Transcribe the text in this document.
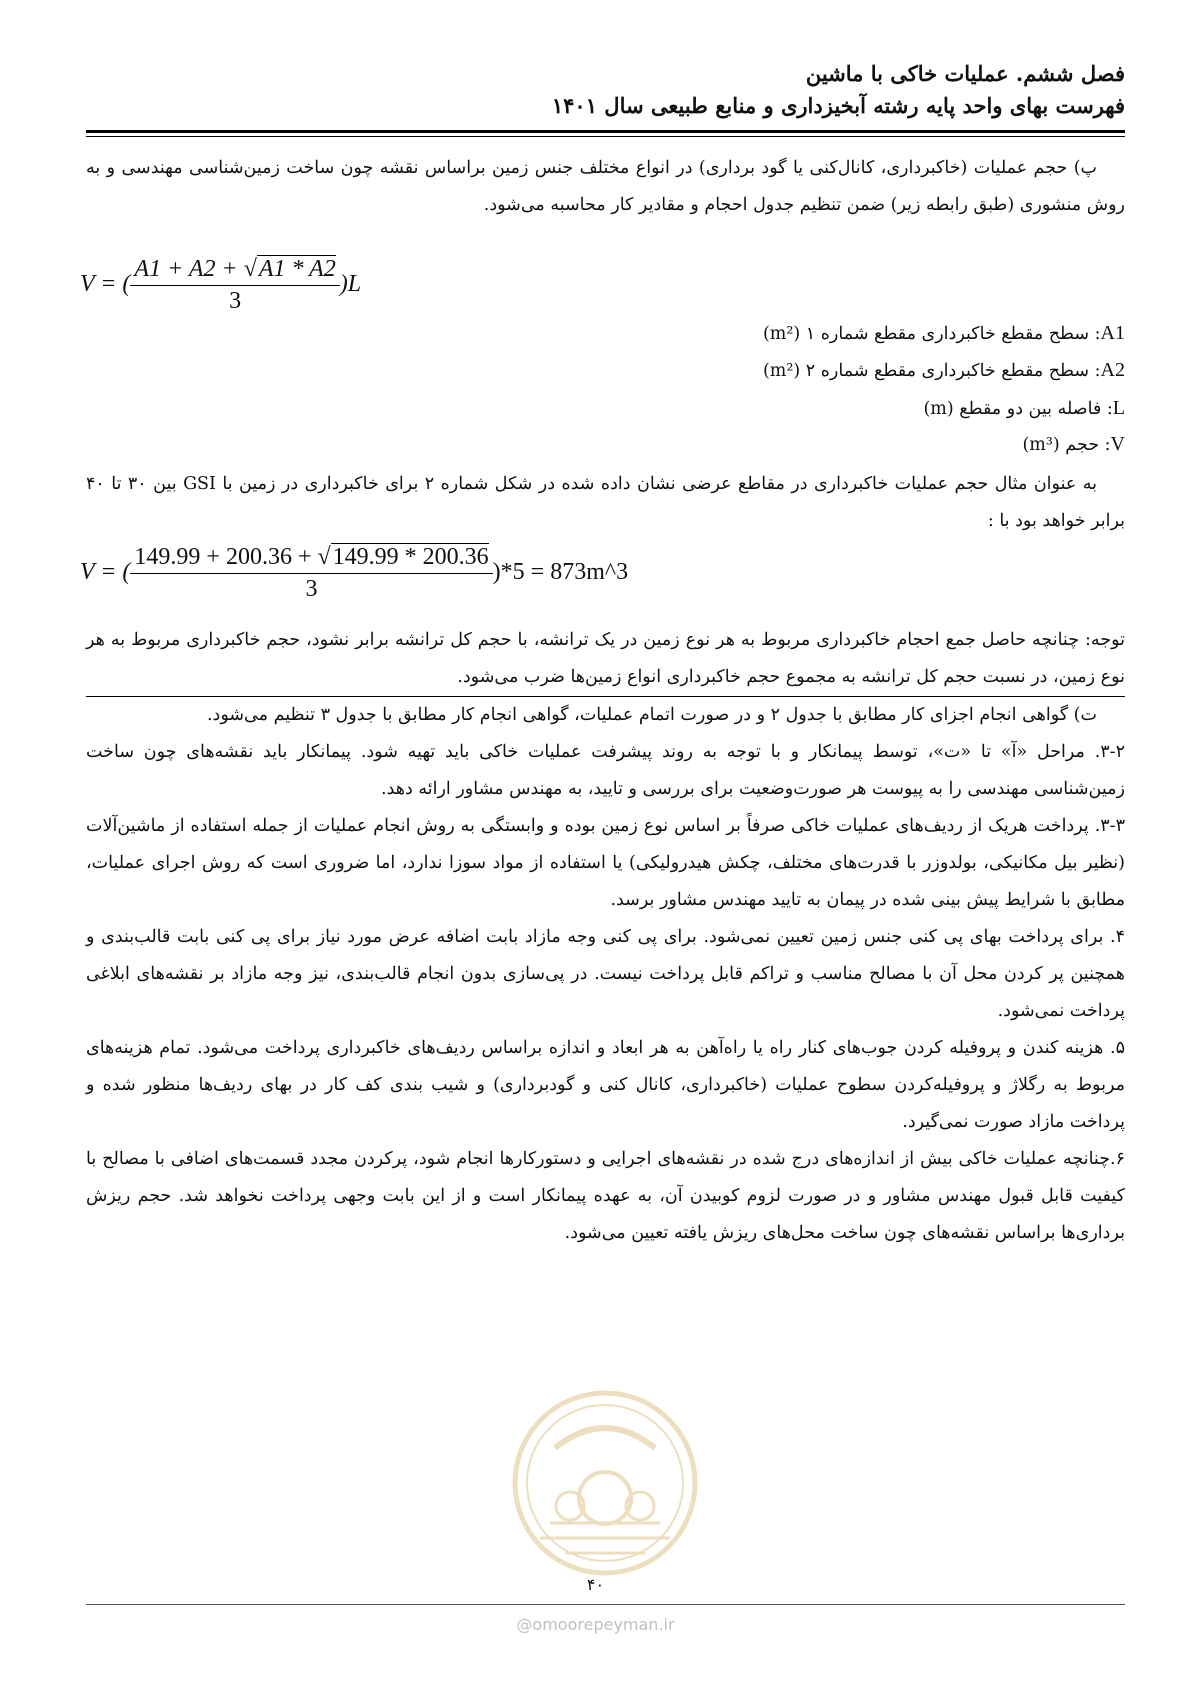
فصل ششم. عملیات خاکی با ماشین
فهرست بهای واحد پایه رشته آبخیزداری و منابع طبیعی سال ۱۴۰۱

پ) حجم عملیات (خاکبرداری، کانال‌کنی یا گود برداری) در انواع مختلف جنس زمین براساس نقشه چون ساخت زمین‌شناسی مهندسی و به روش منشوری (طبق رابطه زیر) ضمن تنظیم جدول احجام و مقادیر کار محاسبه می‌شود.

V = ( $\frac{A1 + A2 + √A1 * A2}{3} )L$
A1: سطح مقطع خاکبرداری مقطع شماره ۱ (m²)
A2: سطح مقطع خاکبرداری مقطع شماره ۲ (m²)
L: فاصله بین دو مقطع (m)
V: حجم (m³)

به عنوان مثال حجم عملیات خاکبرداری در مقاطع عرضی نشان داده شده در شکل شماره ۲ برای خاکبرداری در زمین با GSI بین ۳۰ تا ۴۰ برابر خواهد بود با :

V = ( $\frac{149.99 + 200.36 + √149.99 * 200.36}{3} )*5$ = 873m^3

توجه: چنانچه حاصل جمع احجام خاکبرداری مربوط به هر نوع زمین در یک ترانشه، با حجم کل ترانشه برابر نشود، حجم خاکبرداری مربوط به هر نوع زمین، در نسبت حجم کل ترانشه به مجموع حجم خاکبرداری انواع زمین‌ها ضرب می‌شود.

ت) گواهی انجام اجزای کار مطابق با جدول ۲ و در صورت اتمام عملیات، گواهی انجام کار مطابق با جدول ۳ تنظیم می‌شود.

۳-۲. مراحل «آ» تا «ت»، توسط پیمانکار و با توجه به روند پیشرفت عملیات خاکی باید تهیه شود. پیمانکار باید نقشه‌های چون ساخت زمین‌شناسی مهندسی را به پیوست هر صورت‌وضعیت برای بررسی و تایید، به مهندس مشاور ارائه دهد.

۳-۳. پرداخت هریک از ردیف‌های عملیات خاکی صرفاً بر اساس نوع زمین بوده و وابستگی به روش انجام عملیات از جمله استفاده از ماشین‌آلات (نظیر بیل مکانیکی، بولدوزر با قدرت‌های مختلف، چکش هیدرولیکی) یا استفاده از مواد سوزا ندارد، اما ضروری است که روش اجرای عملیات، مطابق با شرایط پیش بینی شده در پیمان به تایید مهندس مشاور برسد.

۴. برای پرداخت بهای پی کنی جنس زمین تعیین نمی‌شود. برای پی کنی وجه مازاد بابت اضافه عرض مورد نیاز برای پی کنی بابت قالب‌بندی و همچنین پر کردن محل آن با مصالح مناسب و تراکم قابل پرداخت نیست. در پی‌سازی بدون انجام قالب‌بندی، نیز وجه مازاد بر نقشه‌های ابلاغی پرداخت نمی‌شود.

۵. هزینه کندن و پروفیله کردن جوب‌های کنار راه یا راه‌آهن به هر ابعاد و اندازه براساس ردیف‌های خاکبرداری پرداخت می‌شود. تمام هزینه‌های مربوط به رگلاژ و پروفیله‌کردن سطوح عملیات (خاکبرداری، کانال کنی و گودبرداری) و شیب بندی کف کار در بهای ردیف‌ها منظور شده و پرداخت مازاد صورت نمی‌گیرد.

۶.چنانچه عملیات خاکی بیش از اندازه‌های درج شده در نقشه‌های اجرایی و دستورکارها انجام شود، پرکردن مجدد قسمت‌های اضافی با مصالح با کیفیت قابل قبول مهندس مشاور و در صورت لزوم کوبیدن آن، به عهده پیمانکار است و از این بابت وجهی پرداخت نخواهد شد. حجم ریزش برداری‌ها براساس نقشه‌های چون ساخت محل‌های ریزش یافته تعیین می‌شود.

۴۰
@omoorepeyman.ir
